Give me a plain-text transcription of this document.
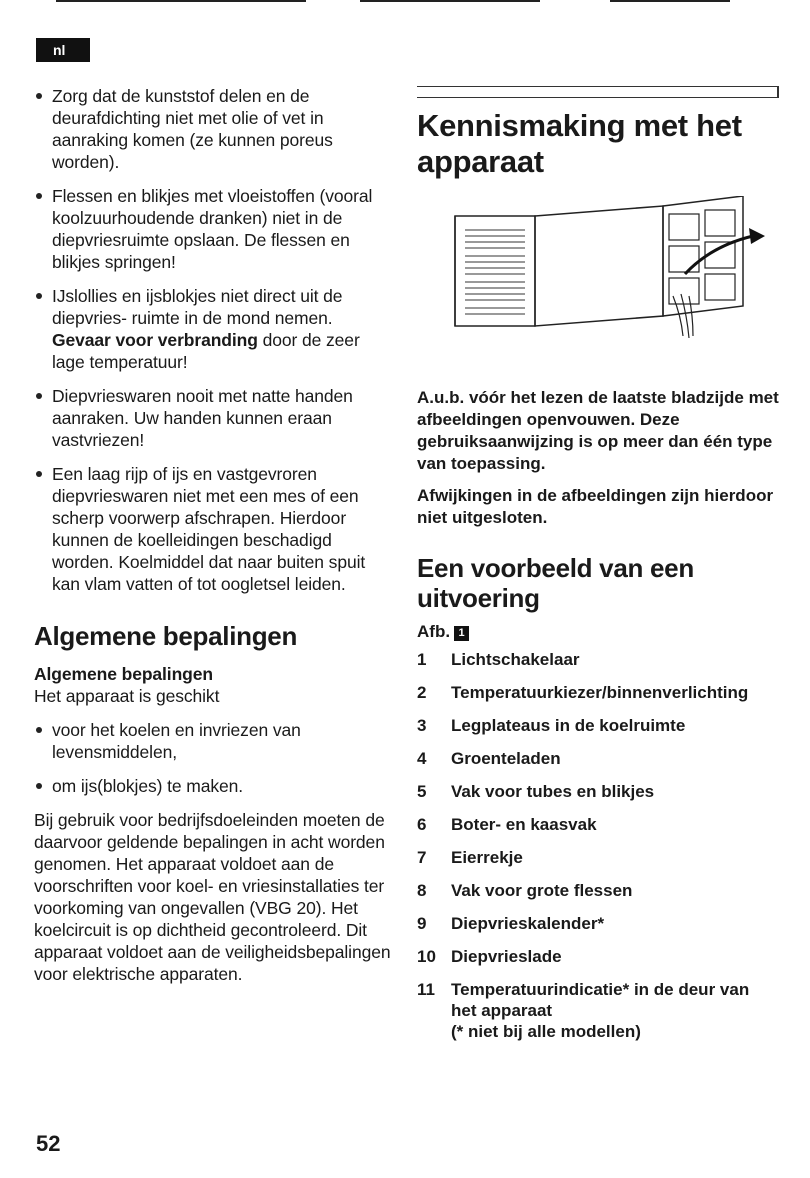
nl
Zorg dat de kunststof delen en de deurafdichting niet met olie of vet in aanraking komen (ze kunnen poreus worden).
Flessen en blikjes met vloeistoffen (vooral koolzuurhoudende dranken) niet in de diepvriesruimte opslaan. De flessen en blikjes springen!
IJslollies en ijsblokjes niet direct uit de diepvries- ruimte in de mond nemen. Gevaar voor verbranding door de zeer lage temperatuur!
Diepvrieswaren nooit met natte handen aanraken. Uw handen kunnen eraan vastvriezen!
Een laag rijp of ijs en vastgevroren diepvrieswaren niet met een mes of een scherp voorwerp afschrapen. Hierdoor kunnen de koelleidingen beschadigd worden. Koelmiddel dat naar buiten spuit kan vlam vatten of tot oogletsel leiden.
Algemene bepalingen

Algemene bepalingen

Het apparaat is geschikt

voor het koelen en invriezen van levensmiddelen,
om ijs(blokjes) te maken.

Bij gebruik voor bedrijfsdoeleinden moeten de daarvoor geldende bepalingen in acht worden genomen. Het apparaat voldoet aan de voorschriften voor koel- en vriesinstallaties ter voorkoming van ongevallen (VBG 20). Het koelcircuit is op dichtheid gecontroleerd. Dit apparaat voldoet aan de veiligheidsbepalingen voor elektrische apparaten.

Kennismaking met het apparaat

A.u.b. vóór het lezen de laatste bladzijde met afbeeldingen openvouwen. Deze gebruiksaanwijzing is op meer dan één type van toepassing.

Afwijkingen in de afbeeldingen zijn hierdoor niet uitgesloten.

Een voorbeeld van een uitvoering

Afb. 1

1 Lichtschakelaar
2 Temperatuurkiezer/binnenverlichting
3 Legplateaus in de koelruimte
4 Groenteladen
5 Vak voor tubes en blikjes
6 Boter- en kaasvak
7 Eierrekje
8 Vak voor grote flessen
9 Diepvrieskalender*
10 Diepvrieslade
11 Temperatuurindicatie* in de deur van het apparaat
(* niet bij alle modellen)
52
